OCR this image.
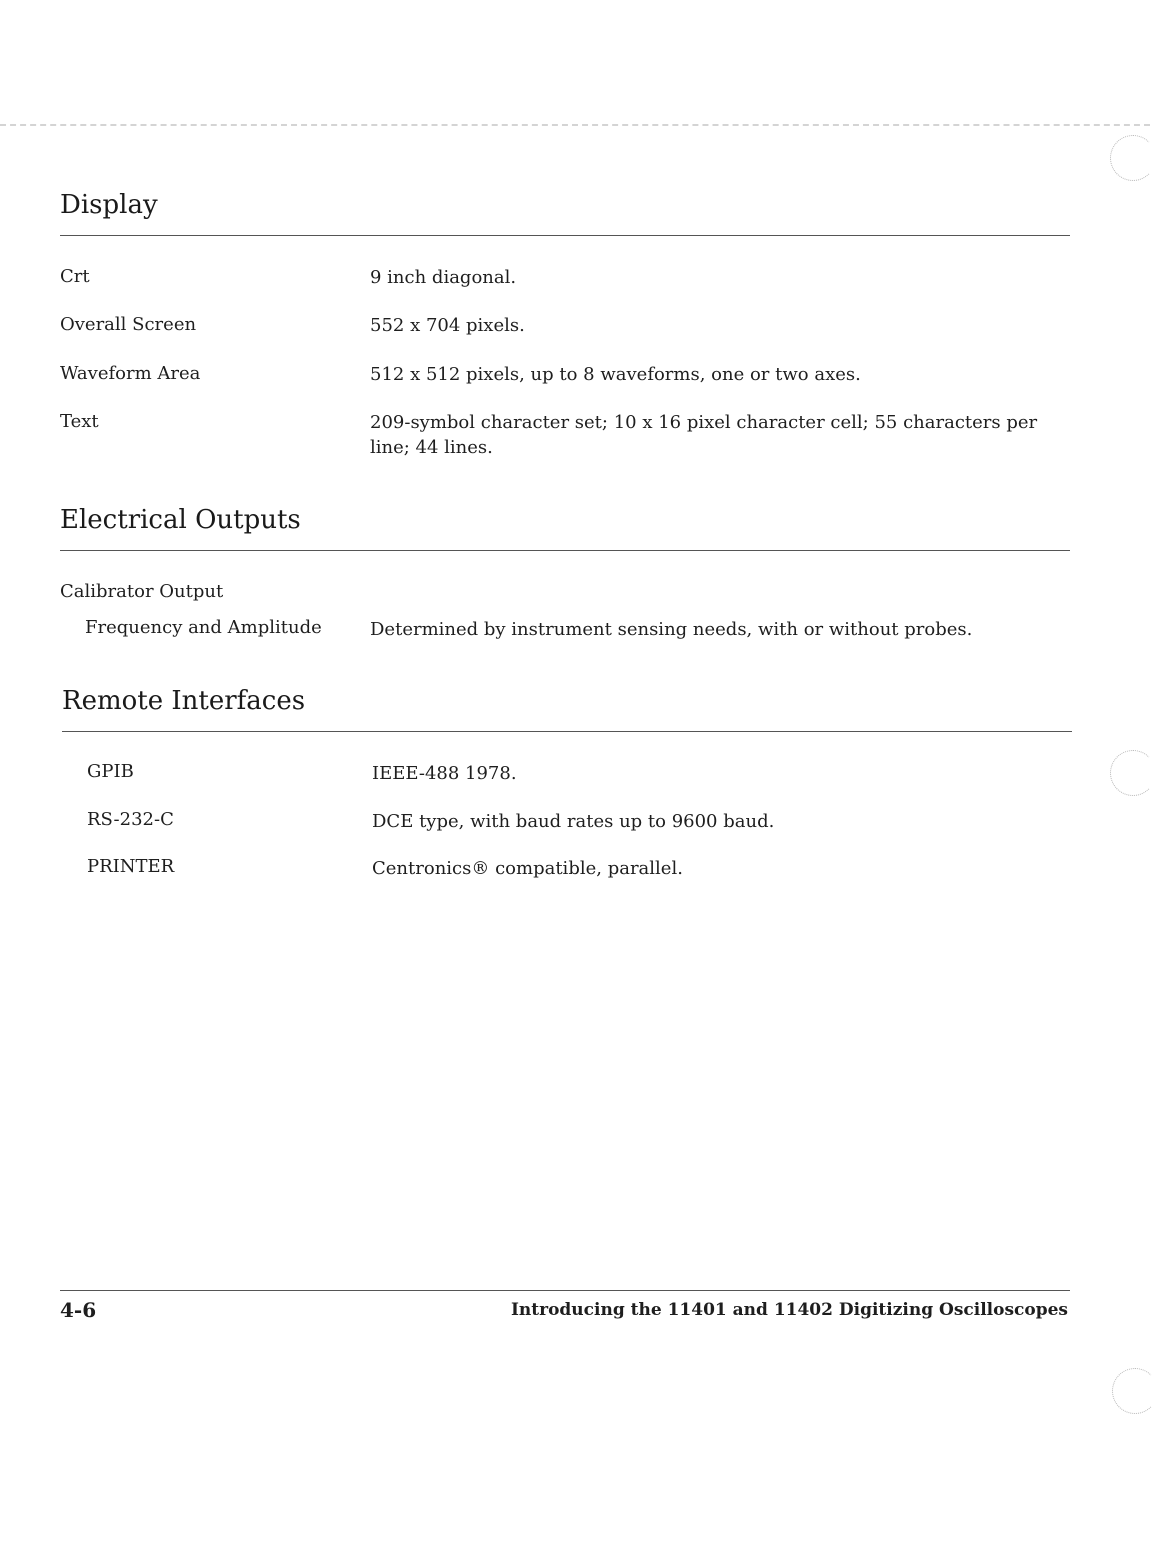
Display
Crt	9 inch diagonal.
Overall Screen	552 x 704 pixels.
Waveform Area	512 x 512 pixels, up to 8 waveforms, one or two axes.
Text	209-symbol character set; 10 x 16 pixel character cell; 55 characters per line; 44 lines.
Electrical Outputs
Calibrator Output
Frequency and Amplitude	Determined by instrument sensing needs, with or without probes.
Remote Interfaces
GPIB	IEEE-488 1978.
RS-232-C	DCE type, with baud rates up to 9600 baud.
PRINTER	Centronics® compatible, parallel.
4-6	Introducing the 11401 and 11402 Digitizing Oscilloscopes
